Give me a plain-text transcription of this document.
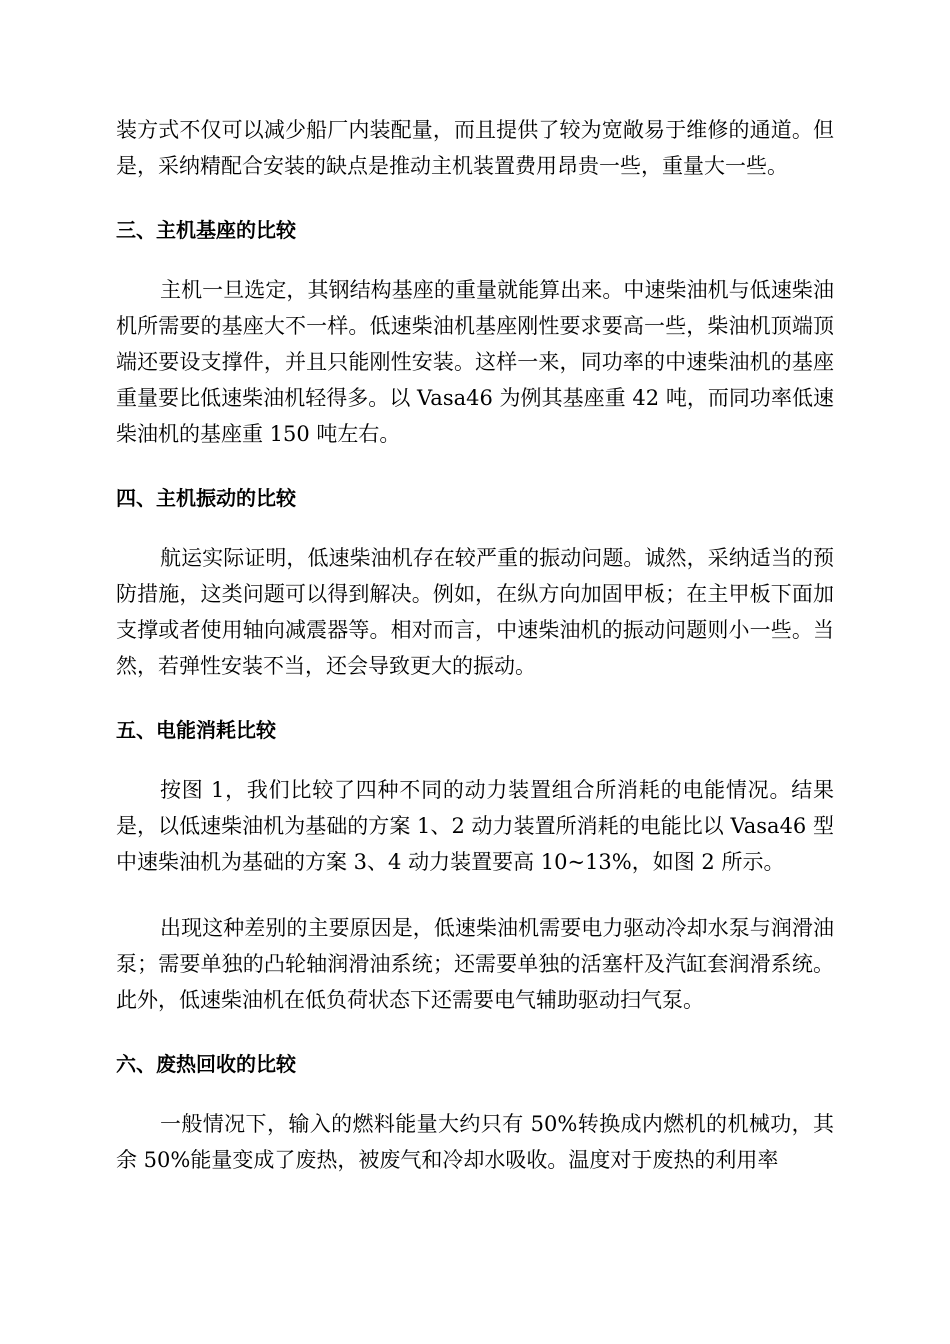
装方式不仅可以减少船厂内装配量，而且提供了较为宽敞易于维修的通道。但是，采纳精配合安装的缺点是推动主机装置费用昂贵一些，重量大一些。

三、主机基座的比较

主机一旦选定，其钢结构基座的重量就能算出来。中速柴油机与低速柴油机所需要的基座大不一样。低速柴油机基座刚性要求要高一些，柴油机顶端顶端还要设支撑件，并且只能刚性安装。这样一来，同功率的中速柴油机的基座重量要比低速柴油机轻得多。以 Vasa46 为例其基座重 42 吨，而同功率低速柴油机的基座重 150 吨左右。

四、主机振动的比较

航运实际证明，低速柴油机存在较严重的振动问题。诚然，采纳适当的预防措施，这类问题可以得到解决。例如，在纵方向加固甲板；在主甲板下面加支撑或者使用轴向减震器等。相对而言，中速柴油机的振动问题则小一些。当然，若弹性安装不当，还会导致更大的振动。

五、电能消耗比较

按图 1，我们比较了四种不同的动力装置组合所消耗的电能情况。结果是，以低速柴油机为基础的方案 1、2 动力装置所消耗的电能比以 Vasa46 型中速柴油机为基础的方案 3、4 动力装置要高 10~13%，如图 2 所示。

出现这种差别的主要原因是，低速柴油机需要电力驱动冷却水泵与润滑油泵；需要单独的凸轮轴润滑油系统；还需要单独的活塞杆及汽缸套润滑系统。此外，低速柴油机在低负荷状态下还需要电气辅助驱动扫气泵。

六、废热回收的比较

一般情况下，输入的燃料能量大约只有 50%转换成内燃机的机械功，其余 50%能量变成了废热，被废气和冷却水吸收。温度对于废热的利用率
